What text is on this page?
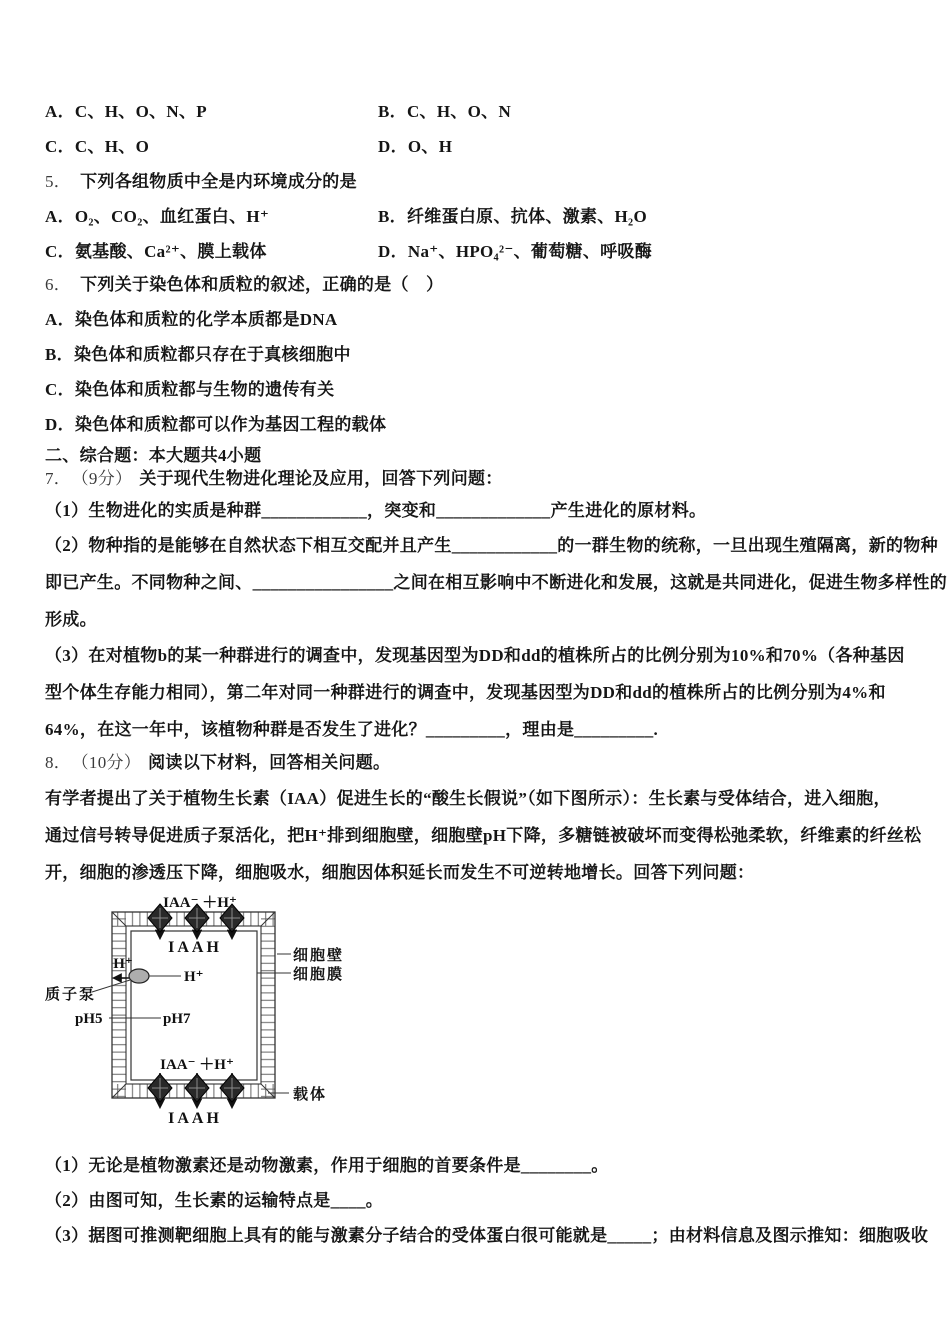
A．C、H、O、N、P	B．C、H、O、N
C．C、H、O	D．O、H
5． 下列各组物质中全是内环境成分的是
A．O₂、CO₂、血红蛋白、H⁺	B．纤维蛋白原、抗体、激素、H₂O
C．氨基酸、Ca²⁺、膜上载体	D．Na⁺、HPO₄²⁻、葡萄糖、呼吸酶
6． 下列关于染色体和质粒的叙述，正确的是（　）
A．染色体和质粒的化学本质都是DNA
B．染色体和质粒都只存在于真核细胞中
C．染色体和质粒都与生物的遗传有关
D．染色体和质粒都可以作为基因工程的载体
二、综合题：本大题共4小题
7． （9分） 关于现代生物进化理论及应用，回答下列问题：
（1）生物进化的实质是种群____________，突变和_____________产生进化的原材料。
（2）物种指的是能够在自然状态下相互交配并且产生____________的一群生物的统称，一旦出现生殖隔离，新的物种
即已产生。不同物种之间、________________之间在相互影响中不断进化和发展，这就是共同进化，促进生物多样性的
形成。
（3）在对植物b的某一种群进行的调查中，发现基因型为DD和dd的植株所占的比例分别为10%和70%（各种基因
型个体生存能力相同），第二年对同一种群进行的调查中，发现基因型为DD和dd的植株所占的比例分别为4%和
64%，在这一年中，该植物种群是否发生了进化？_________，理由是_________.
8． （10分） 阅读以下材料，回答相关问题。
有学者提出了关于植物生长素（IAA）促进生长的“酸生长假说”（如下图所示）：生长素与受体结合，进入细胞，
通过信号转导促进质子泵活化，把H⁺排到细胞壁，细胞壁pH下降，多糖链被破坏而变得松弛柔软，纤维素的纤丝松
开，细胞的渗透压下降，细胞吸水，细胞因体积延长而发生不可逆转地增长。回答下列问题：
IAA⁻ ＋H⁺
IAAH
H⁺
H⁺
质子泵
pH5	pH7
IAA⁻ ＋H⁺
IAAH
细胞壁
细胞膜
载体
（1）无论是植物激素还是动物激素，作用于细胞的首要条件是________。
（2）由图可知，生长素的运输特点是____。
（3）据图可推测靶细胞上具有的能与激素分子结合的受体蛋白很可能就是_____；由材料信息及图示推知：细胞吸收
